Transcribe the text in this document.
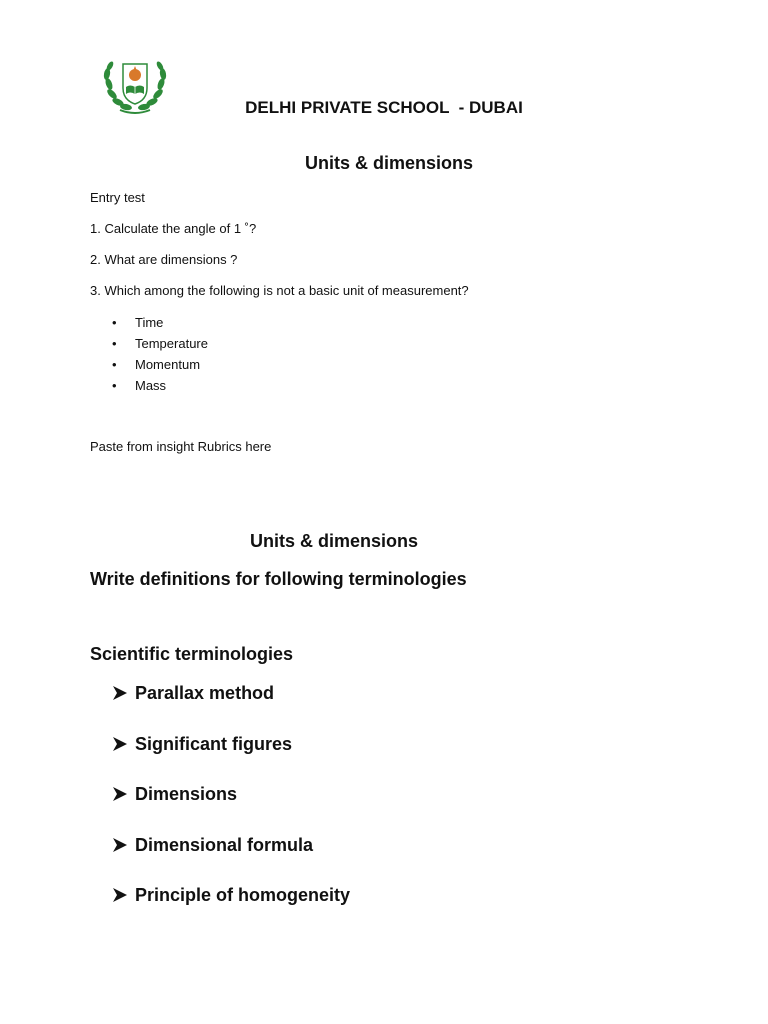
DELHI PRIVATE SCHOOL  - DUBAI
Units & dimensions
Entry test
1. Calculate the angle of 1 ˚?
2. What are dimensions ?
3. Which among the following is not a basic unit of measurement?
• Time
• Temperature
• Momentum
• Mass
Paste from insight Rubrics here
Units & dimensions
Write definitions for following terminologies
Scientific terminologies
Parallax method
Significant figures
Dimensions
Dimensional formula
Principle of homogeneity
